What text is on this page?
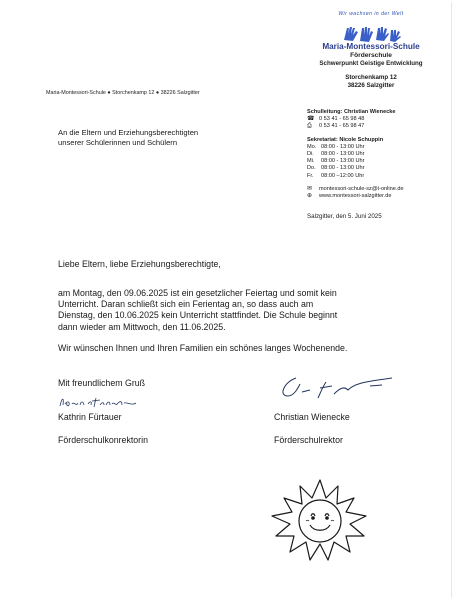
Wir wachsen in der Welt
Maria-Montessori-Schule
Förderschule
Schwerpunkt Geistige Entwicklung
Storchenkamp 12
38226 Salzgitter
Maria-Montessori-Schule ● Storchenkamp 12 ● 38226 Salzgitter
An die Eltern und Erziehungsberechtigten
unserer Schülerinnen und Schülern
Schulleitung: Christian Wienecke
☎ 0 53 41 - 65 98 48
⎙	0 53 41 - 65 98 47
Sekretariat: Nicole Schuppin
Mo. 08:00 - 13:00 Uhr
Di.	08:00 - 13:00 Uhr
Mi.	08:00 - 13:00 Uhr
Do. 08:00 - 13:00 Uhr
Fr.	08:00 –12:00 Uhr
✉	montessori-schule-sz@t-online.de
⊕	www.montessori-salzgitter.de
Salzgitter, den 5. Juni 2025
Liebe Eltern, liebe Erziehungsberechtigte,
am Montag, den 09.06.2025 ist ein gesetzlicher Feiertag und somit kein Unterricht. Daran schließt sich ein Ferientag an, so dass auch am Dienstag, den 10.06.2025 kein Unterricht stattfindet. Die Schule beginnt dann wieder am Mittwoch, den 11.06.2025.
Wir wünschen Ihnen und Ihren Familien ein schönes langes Wochenende.
Mit freundlichem Gruß
Kathrin Fürtauer	Christian Wienecke
Förderschulkonrektorin	Förderschulrektor
